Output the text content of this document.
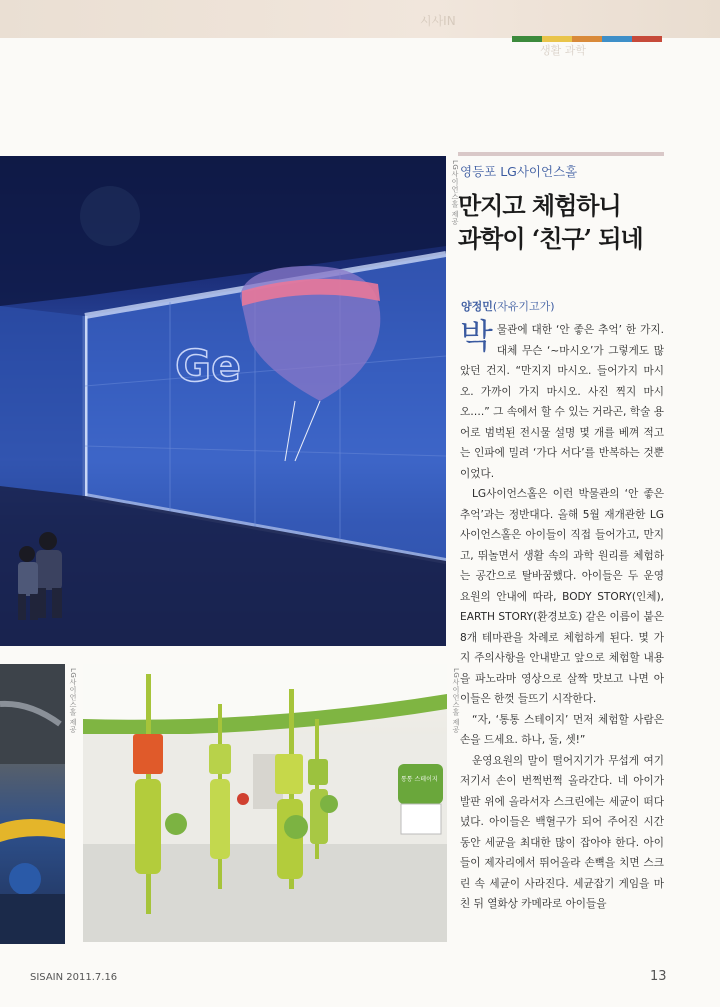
시사IN
생활 과학
Ge
LG사이언스홀 제공
LG사이언스홀 제공
통통 스테이지
LG사이언스홀 제공
영등포 LG사이언스홀
만지고 체험하니
과학이 ‘친구’ 되네
양정민(자유기고가)

박물관에 대한 ‘안 좋은 추억’ 한 가지. 대체 무슨 ‘~마시오’가 그렇게도 많았던 건지. “만지지 마시오. 들어가지 마시오. 가까이 가지 마시오. 사진 찍지 마시오….” 그 속에서 할 수 있는 거라곤, 학술 용어로 범벅된 전시물 설명 몇 개를 베껴 적고는 인파에 밀려 ‘가다 서다’를 반복하는 것뿐이었다.

LG사이언스홀은 이런 박물관의 ‘안 좋은 추억’과는 정반대다. 올해 5월 재개관한 LG사이언스홀은 아이들이 직접 들어가고, 만지고, 뛰놀면서 생활 속의 과학 원리를 체험하는 공간으로 탈바꿈했다. 아이들은 두 운영요원의 안내에 따라, BODY STORY(인체), EARTH STORY(환경보호) 같은 이름이 붙은 8개 테마관을 차례로 체험하게 된다. 몇 가지 주의사항을 안내받고 앞으로 체험할 내용을 파노라마 영상으로 살짝 맛보고 나면 아이들은 한껏 들뜨기 시작한다.

“자, ‘통통 스테이지’ 먼저 체험할 사람은 손을 드세요. 하나, 둘, 셋!”

운영요원의 말이 떨어지기가 무섭게 여기저기서 손이 번쩍번쩍 올라간다. 네 아이가 발판 위에 올라서자 스크린에는 세균이 떠다녔다. 아이들은 백혈구가 되어 주어진 시간 동안 세균을 최대한 많이 잡아야 한다. 아이들이 제자리에서 뛰어올라 손뼉을 치면 스크린 속 세균이 사라진다. 세균잡기 게임을 마친 뒤 열화상 카메라로 아이들을

SISAIN 2011.7.16	13
